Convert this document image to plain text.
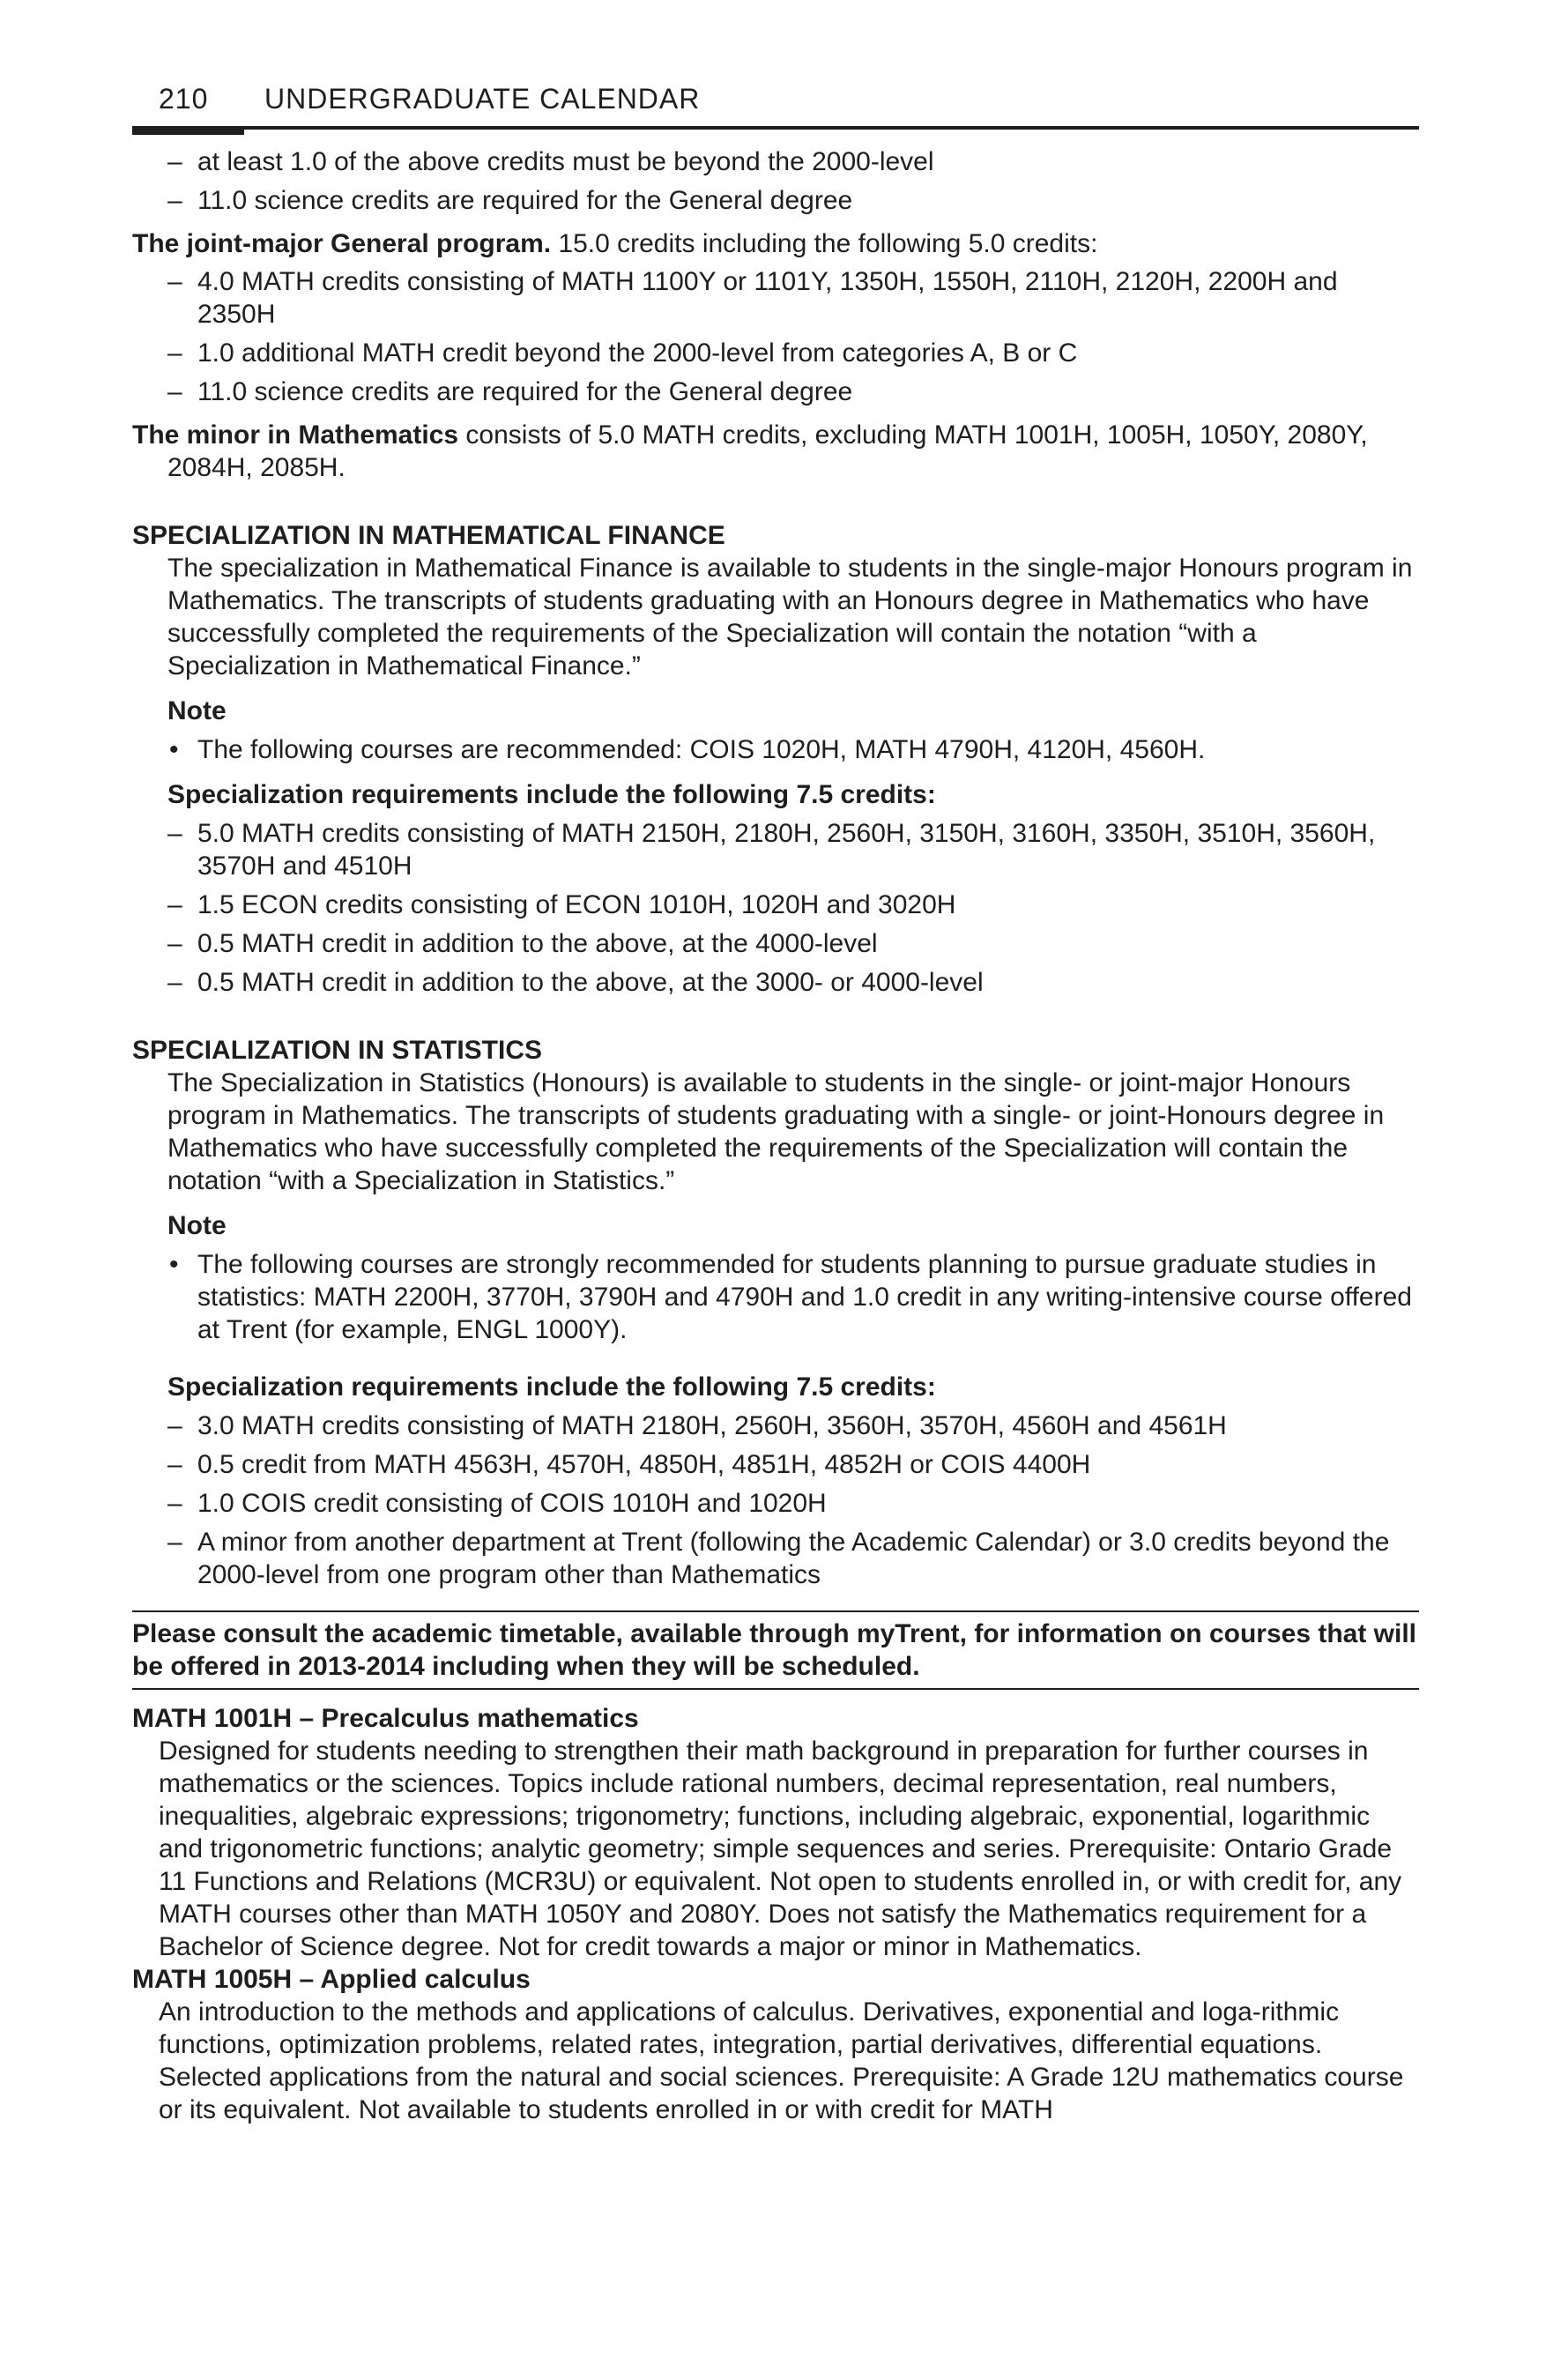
210 UNDERGRADUATE CALENDAR
– at least 1.0 of the above credits must be beyond the 2000-level
– 11.0 science credits are required for the General degree

The joint-major General program. 15.0 credits including the following 5.0 credits:

– 4.0 MATH credits consisting of MATH 1100Y or 1101Y, 1350H, 1550H, 2110H, 2120H, 2200H and 2350H
– 1.0 additional MATH credit beyond the 2000-level from categories A, B or C
– 11.0 science credits are required for the General degree

The minor in Mathematics consists of 5.0 MATH credits, excluding MATH 1001H, 1005H, 1050Y, 2080Y, 2084H, 2085H.

SPECIALIZATION IN MATHEMATICAL FINANCE

The specialization in Mathematical Finance is available to students in the single-major Honours program in Mathematics. The transcripts of students graduating with an Honours degree in Mathematics who have successfully completed the requirements of the Specialization will contain the notation “with a Specialization in Mathematical Finance.”

Note
• The following courses are recommended: COIS 1020H, MATH 4790H, 4120H, 4560H.
Specialization requirements include the following 7.5 credits:
– 5.0 MATH credits consisting of MATH 2150H, 2180H, 2560H, 3150H, 3160H, 3350H, 3510H, 3560H, 3570H and 4510H
– 1.5 ECON credits consisting of ECON 1010H, 1020H and 3020H
– 0.5 MATH credit in addition to the above, at the 4000-level
– 0.5 MATH credit in addition to the above, at the 3000- or 4000-level
SPECIALIZATION IN STATISTICS

The Specialization in Statistics (Honours) is available to students in the single- or joint-major Honours program in Mathematics. The transcripts of students graduating with a single- or joint-Honours degree in Mathematics who have successfully completed the requirements of the Specialization will contain the notation “with a Specialization in Statistics.”

Note
• The following courses are strongly recommended for students planning to pursue graduate studies in statistics: MATH 2200H, 3770H, 3790H and 4790H and 1.0 credit in any writing-intensive course offered at Trent (for example, ENGL 1000Y).
Specialization requirements include the following 7.5 credits:
– 3.0 MATH credits consisting of MATH 2180H, 2560H, 3560H, 3570H, 4560H and 4561H
– 0.5 credit from MATH 4563H, 4570H, 4850H, 4851H, 4852H or COIS 4400H
– 1.0 COIS credit consisting of COIS 1010H and 1020H
– A minor from another department at Trent (following the Academic Calendar) or 3.0 credits beyond the 2000-level from one program other than Mathematics
Please consult the academic timetable, available through myTrent, for information on courses that will be offered in 2013-2014 including when they will be scheduled.
MATH 1001H – Precalculus mathematics

Designed for students needing to strengthen their math background in preparation for further courses in mathematics or the sciences. Topics include rational numbers, decimal representation, real numbers, inequalities, algebraic expressions; trigonometry; functions, including algebraic, exponential, logarithmic and trigonometric functions; analytic geometry; simple sequences and series. Prerequisite: Ontario Grade 11 Functions and Relations (MCR3U) or equivalent. Not open to students enrolled in, or with credit for, any MATH courses other than MATH 1050Y and 2080Y. Does not satisfy the Mathematics requirement for a Bachelor of Science degree. Not for credit towards a major or minor in Mathematics.

MATH 1005H – Applied calculus

An introduction to the methods and applications of calculus. Derivatives, exponential and loga-rithmic functions, optimization problems, related rates, integration, partial derivatives, differential equations. Selected applications from the natural and social sciences. Prerequisite: A Grade 12U mathematics course or its equivalent. Not available to students enrolled in or with credit for MATH
